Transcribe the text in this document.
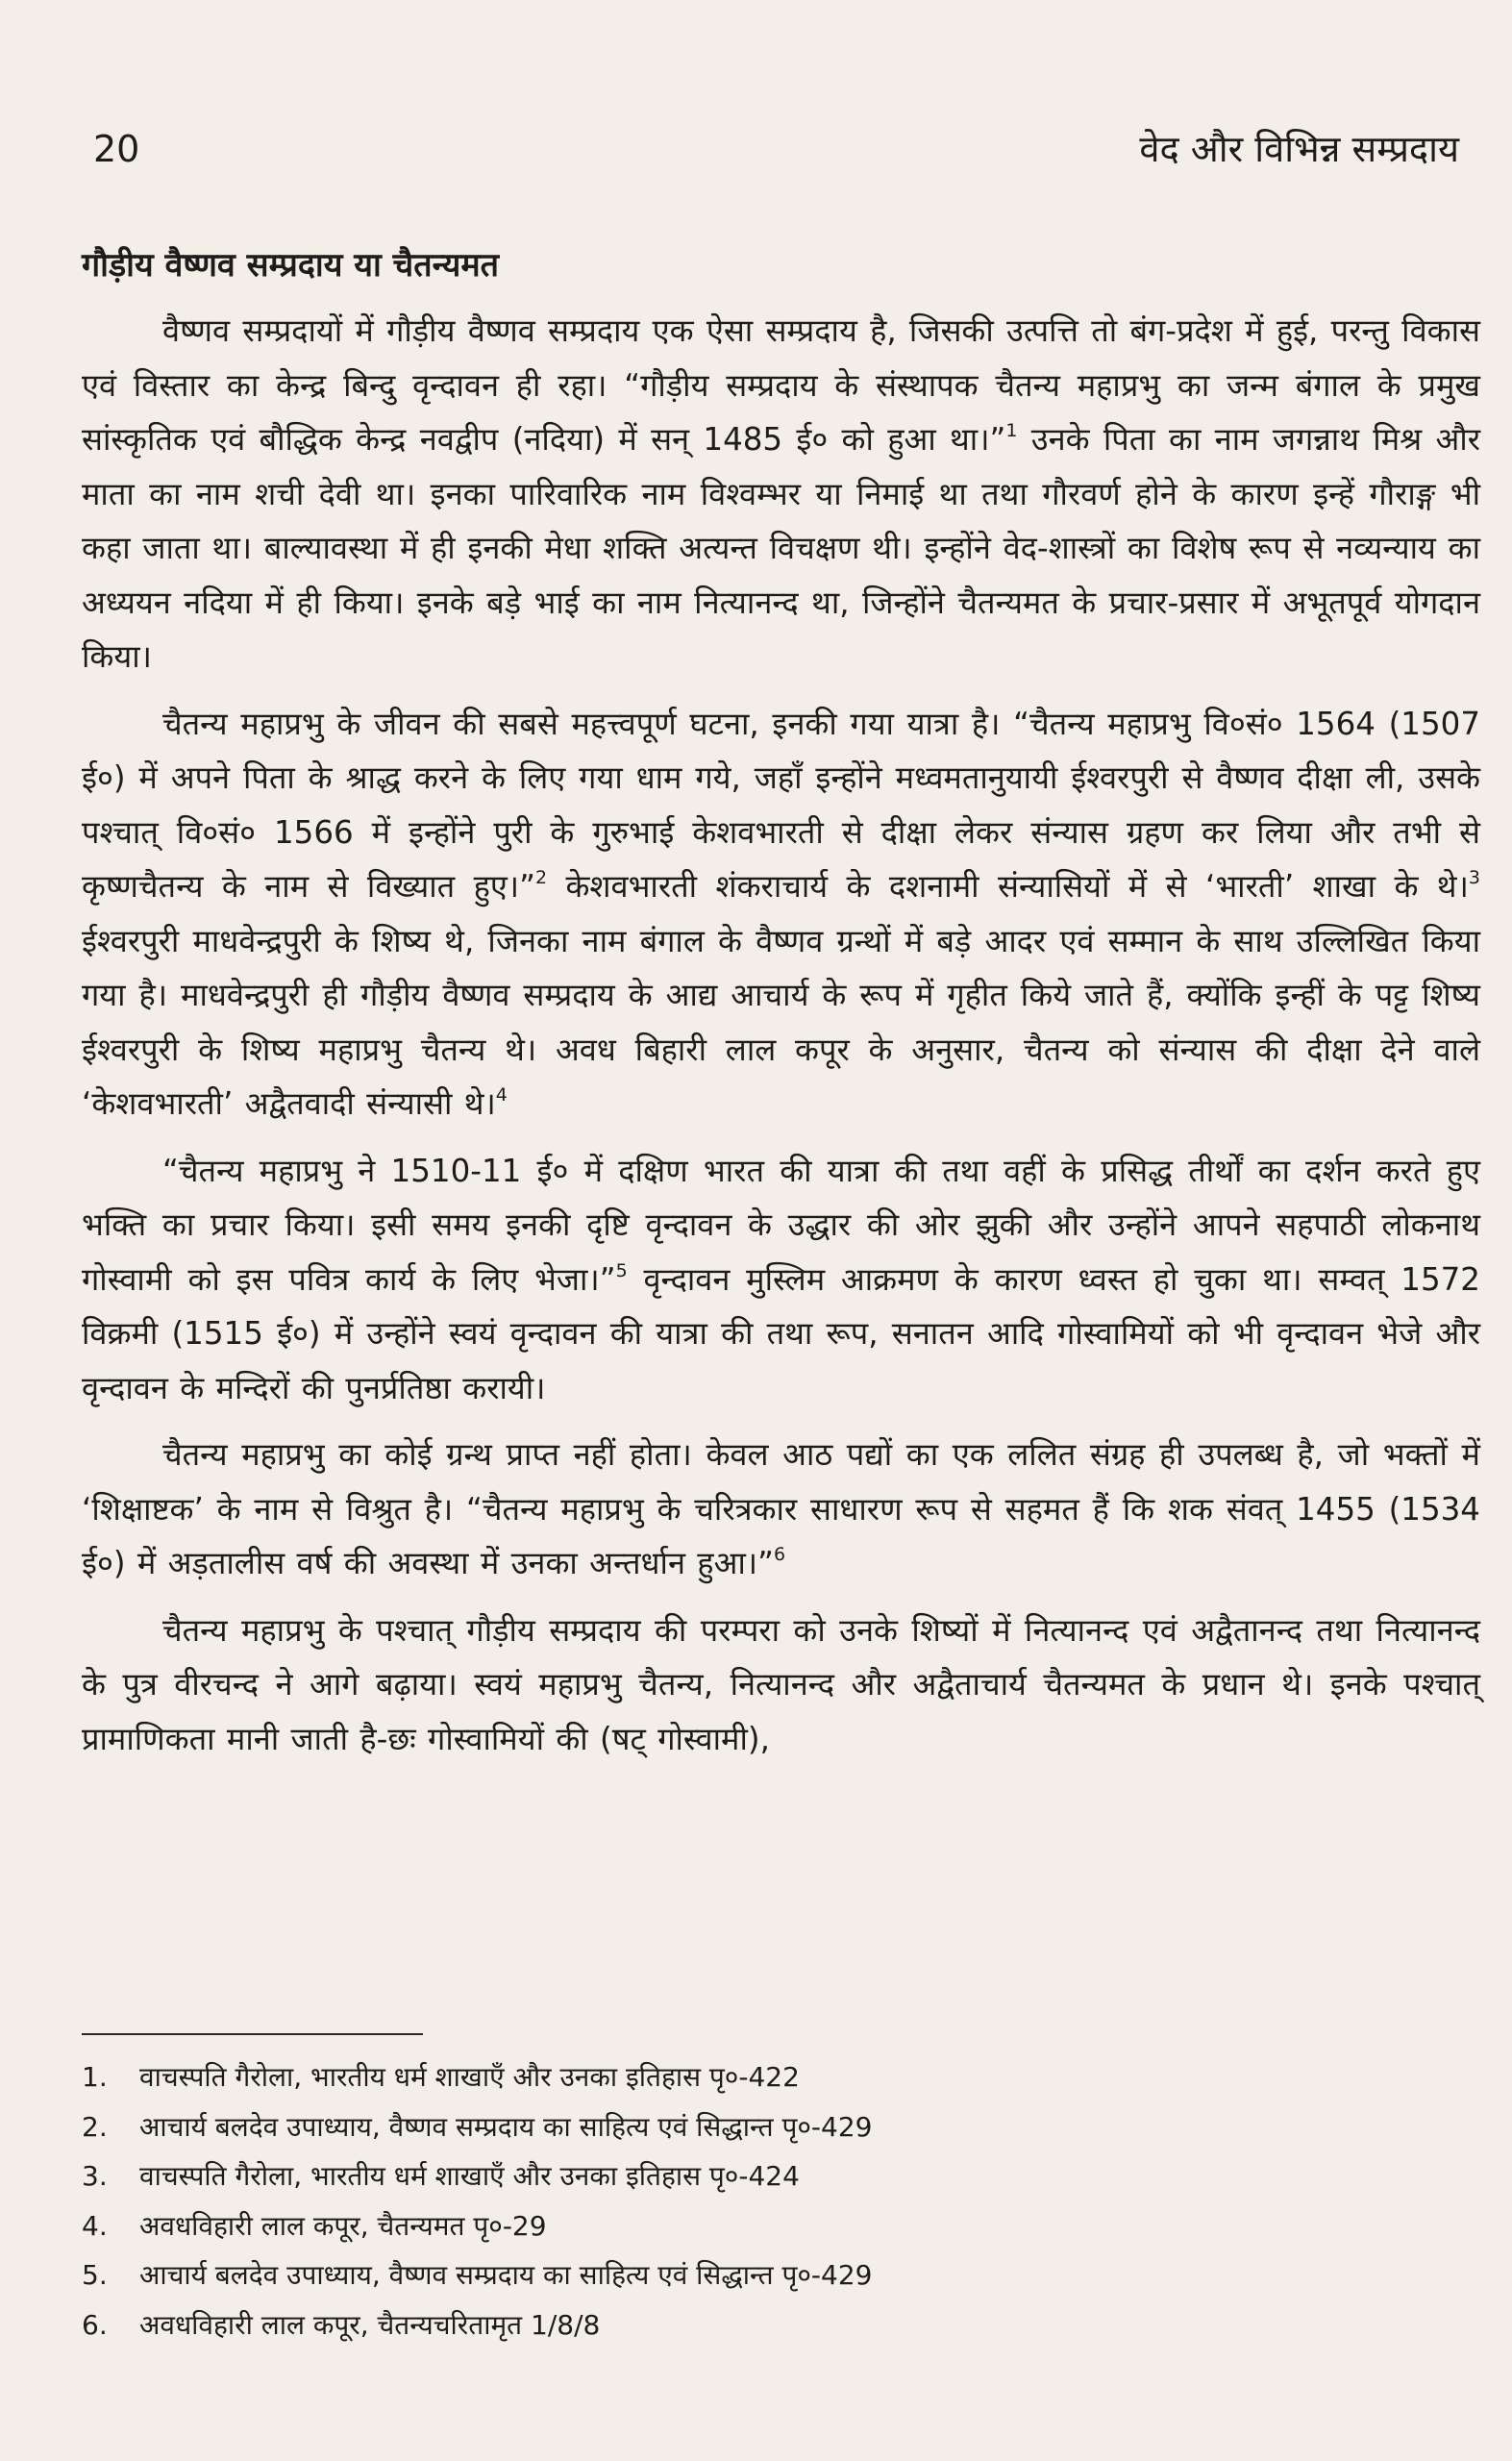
20	वेद और विभिन्न सम्प्रदाय
गौड़ीय वैष्णव सम्प्रदाय या चैतन्यमत

वैष्णव सम्प्रदायों में गौड़ीय वैष्णव सम्प्रदाय एक ऐसा सम्प्रदाय है, जिसकी उत्पत्ति तो बंग-प्रदेश में हुई, परन्तु विकास एवं विस्तार का केन्द्र बिन्दु वृन्दावन ही रहा। “गौड़ीय सम्प्रदाय के संस्थापक चैतन्य महाप्रभु का जन्म बंगाल के प्रमुख सांस्कृतिक एवं बौद्धिक केन्द्र नवद्वीप (नदिया) में सन् 1485 ई० को हुआ था।”$^1$ उनके पिता का नाम जगन्नाथ मिश्र और माता का नाम शची देवी था। इनका पारिवारिक नाम विश्वम्भर या निमाई था तथा गौरवर्ण होने के कारण इन्हें गौराङ्ग भी कहा जाता था। बाल्यावस्था में ही इनकी मेधा शक्ति अत्यन्त विचक्षण थी। इन्होंने वेद-शास्त्रों का विशेष रूप से नव्यन्याय का अध्ययन नदिया में ही किया। इनके बड़े भाई का नाम नित्यानन्द था, जिन्होंने चैतन्यमत के प्रचार-प्रसार में अभूतपूर्व योगदान किया।

चैतन्य महाप्रभु के जीवन की सबसे महत्त्वपूर्ण घटना, इनकी गया यात्रा है। “चैतन्य महाप्रभु वि०सं० 1564 (1507 ई०) में अपने पिता के श्राद्ध करने के लिए गया धाम गये, जहाँ इन्होंने मध्वमतानुयायी ईश्वरपुरी से वैष्णव दीक्षा ली, उसके पश्चात् वि०सं० 1566 में इन्होंने पुरी के गुरुभाई केशवभारती से दीक्षा लेकर संन्यास ग्रहण कर लिया और तभी से कृष्णचैतन्य के नाम से विख्यात हुए।”$^2$ केशवभारती शंकराचार्य के दशनामी संन्यासियों में से ‘भारती’ शाखा के थे।$^3$ ईश्वरपुरी माधवेन्द्रपुरी के शिष्य थे, जिनका नाम बंगाल के वैष्णव ग्रन्थों में बड़े आदर एवं सम्मान के साथ उल्लिखित किया गया है। माधवेन्द्रपुरी ही गौड़ीय वैष्णव सम्प्रदाय के आद्य आचार्य के रूप में गृहीत किये जाते हैं, क्योंकि इन्हीं के पट्ट शिष्य ईश्वरपुरी के शिष्य महाप्रभु चैतन्य थे। अवध बिहारी लाल कपूर के अनुसार, चैतन्य को संन्यास की दीक्षा देने वाले ‘केशवभारती’ अद्वैतवादी संन्यासी थे।$^4$

“चैतन्य महाप्रभु ने 1510-11 ई० में दक्षिण भारत की यात्रा की तथा वहीं के प्रसिद्ध तीर्थों का दर्शन करते हुए भक्ति का प्रचार किया। इसी समय इनकी दृष्टि वृन्दावन के उद्धार की ओर झुकी और उन्होंने आपने सहपाठी लोकनाथ गोस्वामी को इस पवित्र कार्य के लिए भेजा।”$^5$ वृन्दावन मुस्लिम आक्रमण के कारण ध्वस्त हो चुका था। सम्वत् 1572 विक्रमी (1515 ई०) में उन्होंने स्वयं वृन्दावन की यात्रा की तथा रूप, सनातन आदि गोस्वामियों को भी वृन्दावन भेजे और वृन्दावन के मन्दिरों की पुनर्प्रतिष्ठा करायी।

चैतन्य महाप्रभु का कोई ग्रन्थ प्राप्त नहीं होता। केवल आठ पद्यों का एक ललित संग्रह ही उपलब्ध है, जो भक्तों में ‘शिक्षाष्टक’ के नाम से विश्रुत है। “चैतन्य महाप्रभु के चरित्रकार साधारण रूप से सहमत हैं कि शक संवत् 1455 (1534 ई०) में अड़तालीस वर्ष की अवस्था में उनका अन्तर्धान हुआ।”$^6$

चैतन्य महाप्रभु के पश्चात् गौड़ीय सम्प्रदाय की परम्परा को उनके शिष्यों में नित्यानन्द एवं अद्वैतानन्द तथा नित्यानन्द के पुत्र वीरचन्द ने आगे बढ़ाया। स्वयं महाप्रभु चैतन्य, नित्यानन्द और अद्वैताचार्य चैतन्यमत के प्रधान थे। इनके पश्चात् प्रामाणिकता मानी जाती है-छः गोस्वामियों की (षट् गोस्वामी),

1. वाचस्पति गैरोला, भारतीय धर्म शाखाएँ और उनका इतिहास पृ०-422
2. आचार्य बलदेव उपाध्याय, वैष्णव सम्प्रदाय का साहित्य एवं सिद्धान्त पृ०-429
3. वाचस्पति गैरोला, भारतीय धर्म शाखाएँ और उनका इतिहास पृ०-424
4. अवधविहारी लाल कपूर, चैतन्यमत पृ०-29
5. आचार्य बलदेव उपाध्याय, वैष्णव सम्प्रदाय का साहित्य एवं सिद्धान्त पृ०-429
6. अवधविहारी लाल कपूर, चैतन्यचरितामृत 1/8/8
